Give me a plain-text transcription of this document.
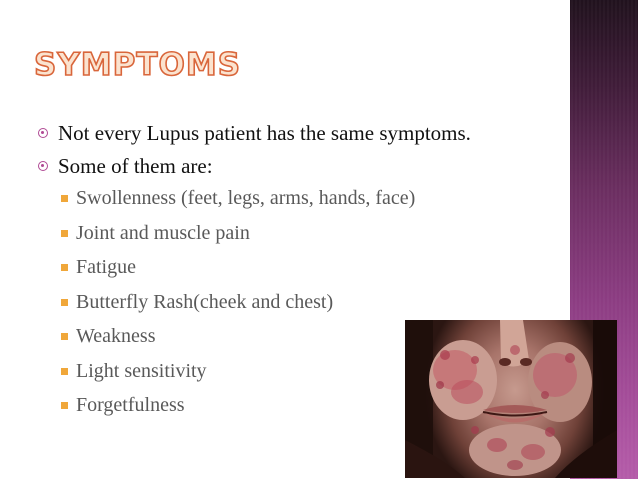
SYMPTOMS
Not every Lupus patient has the same symptoms.
Some of them are:
Swollenness (feet, legs, arms, hands, face)
Joint and muscle pain
Fatigue
Butterfly Rash(cheek and chest)
Weakness
Light sensitivity
Forgetfulness
